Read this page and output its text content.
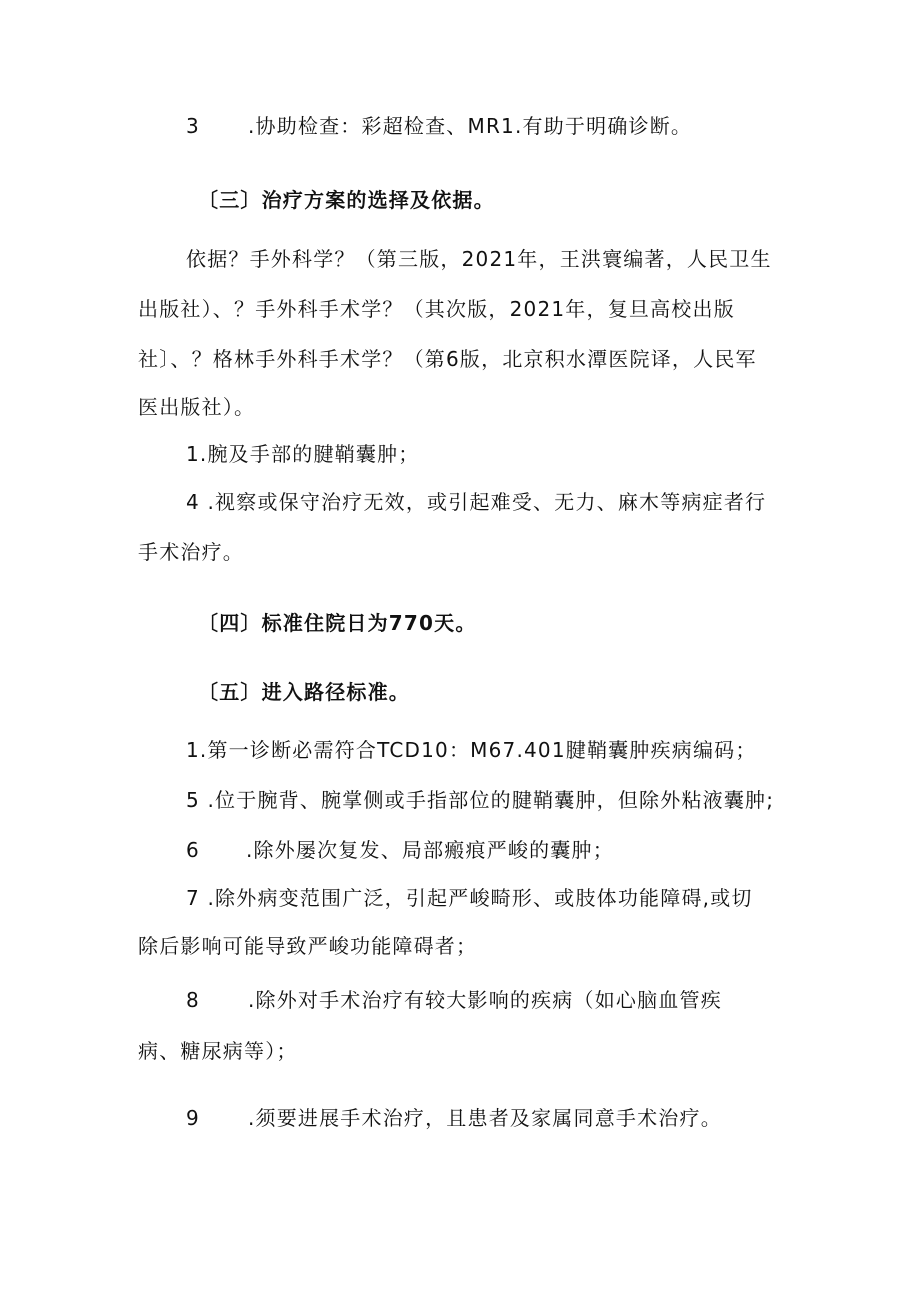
3 .协助检查：彩超检查、MR1.有助于明确诊断。
〔三〕治疗方案的选择及依据。
依据？手外科学？（第三版，2021年，王洪寰编著，人民卫生
出版社）、？手外科手术学？（其次版，2021年，复旦高校出版
社〕、？格林手外科手术学？（第6版，北京积水潭医院译，人民军
医出版社）。
1.腕及手部的腱鞘囊肿；
4 .视察或保守治疗无效，或引起难受、无力、麻木等病症者行
手术治疗。
〔四〕标准住院日为770天。
〔五〕进入路径标准。
1.第一诊断必需符合TCD10：M67.401腱鞘囊肿疾病编码；
5 .位于腕背、腕掌侧或手指部位的腱鞘囊肿，但除外粘液囊肿;
6 .除外屡次复发、局部瘢痕严峻的囊肿；
7 .除外病变范围广泛，引起严峻畸形、或肢体功能障碍,或切
除后影响可能导致严峻功能障碍者；
8 .除外对手术治疗有较大影响的疾病（如心脑血管疾
病、糖尿病等）；
9 .须要进展手术治疗，且患者及家属同意手术治疗。
